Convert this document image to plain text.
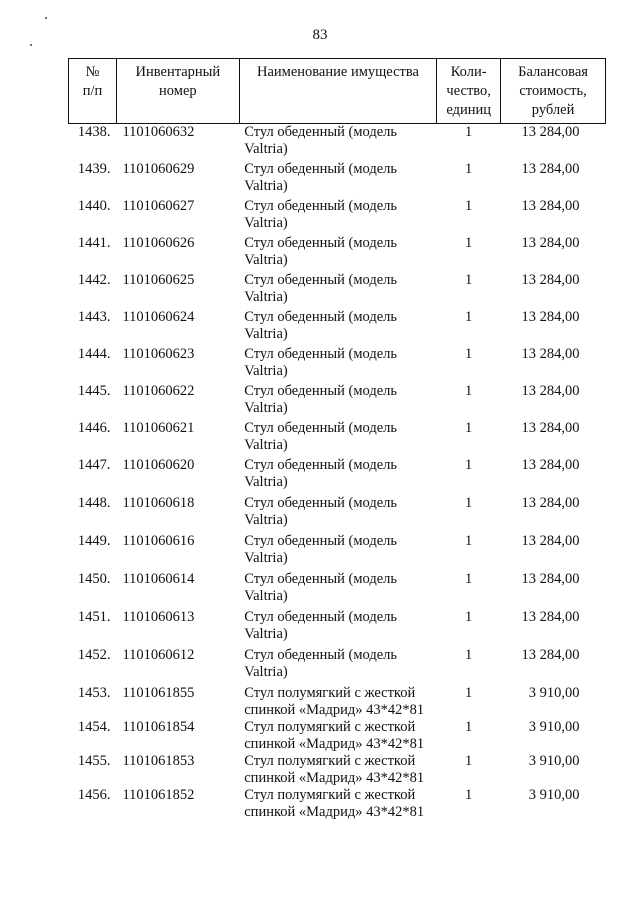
83
№
п/п	Инвентарный
номер	Наименование имущества	Коли-
чество,
единиц	Балансовая
стоимость,
рублей

1438.	1101060632	Стул обеденный (модель
Valtria)	1	13 284,00
1439.	1101060629	Стул обеденный (модель
Valtria)	1	13 284,00
1440.	1101060627	Стул обеденный (модель
Valtria)	1	13 284,00
1441.	1101060626	Стул обеденный (модель
Valtria)	1	13 284,00
1442.	1101060625	Стул обеденный (модель
Valtria)	1	13 284,00
1443.	1101060624	Стул обеденный (модель
Valtria)	1	13 284,00
1444.	1101060623	Стул обеденный (модель
Valtria)	1	13 284,00
1445.	1101060622	Стул обеденный (модель
Valtria)	1	13 284,00
1446.	1101060621	Стул обеденный (модель
Valtria)	1	13 284,00
1447.	1101060620	Стул обеденный (модель
Valtria)	1	13 284,00
1448.	1101060618	Стул обеденный (модель
Valtria)	1	13 284,00
1449.	1101060616	Стул обеденный (модель
Valtria)	1	13 284,00
1450.	1101060614	Стул обеденный (модель
Valtria)	1	13 284,00
1451.	1101060613	Стул обеденный (модель
Valtria)	1	13 284,00
1452.	1101060612	Стул обеденный (модель
Valtria)	1	13 284,00
1453.	1101061855	Стул полумягкий с жесткой
спинкой «Мадрид» 43*42*81	1	3 910,00
1454.	1101061854	Стул полумягкий с жесткой
спинкой «Мадрид» 43*42*81	1	3 910,00
1455.	1101061853	Стул полумягкий с жесткой
спинкой «Мадрид» 43*42*81	1	3 910,00
1456.	1101061852	Стул полумягкий с жесткой
спинкой «Мадрид» 43*42*81	1	3 910,00
